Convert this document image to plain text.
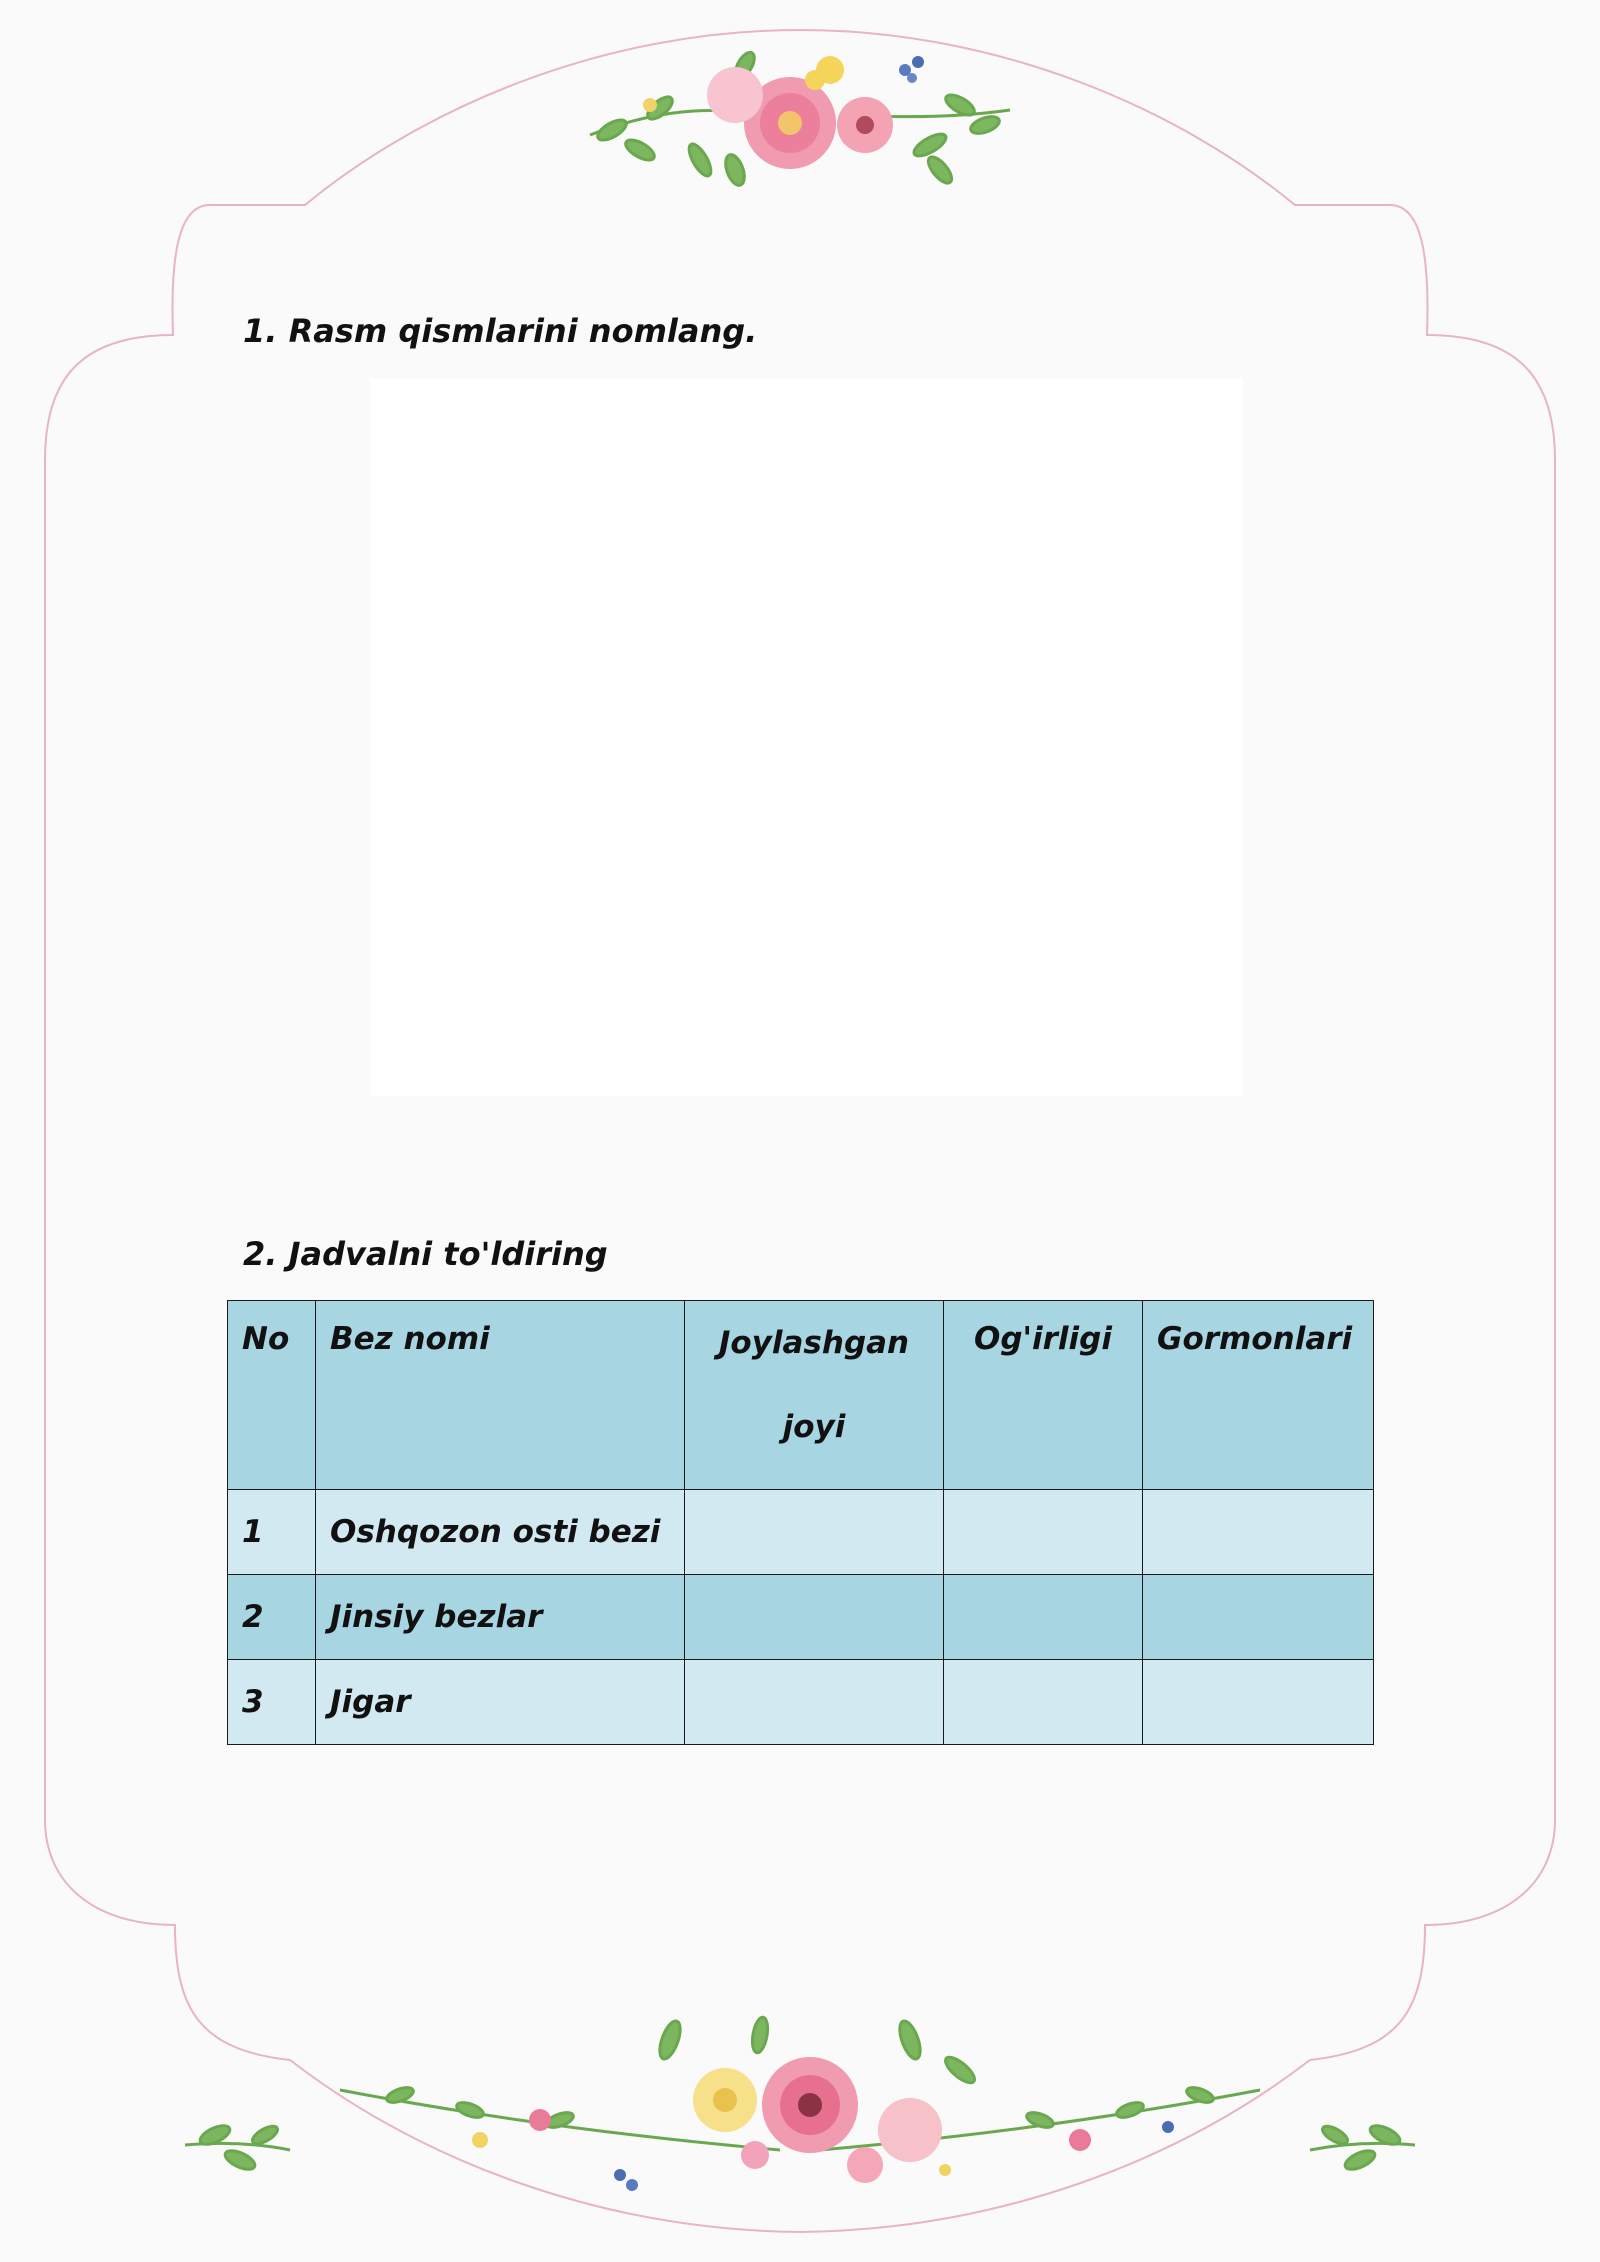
1. Rasm qismlarini nomlang.
2. Jadvalni to'ldiring
No	Bez nomi	Joylashgan joyi	Og'irligi	Gormonlari
1	Oshqozon osti bezi			
2	Jinsiy bezlar			
3	Jigar			
